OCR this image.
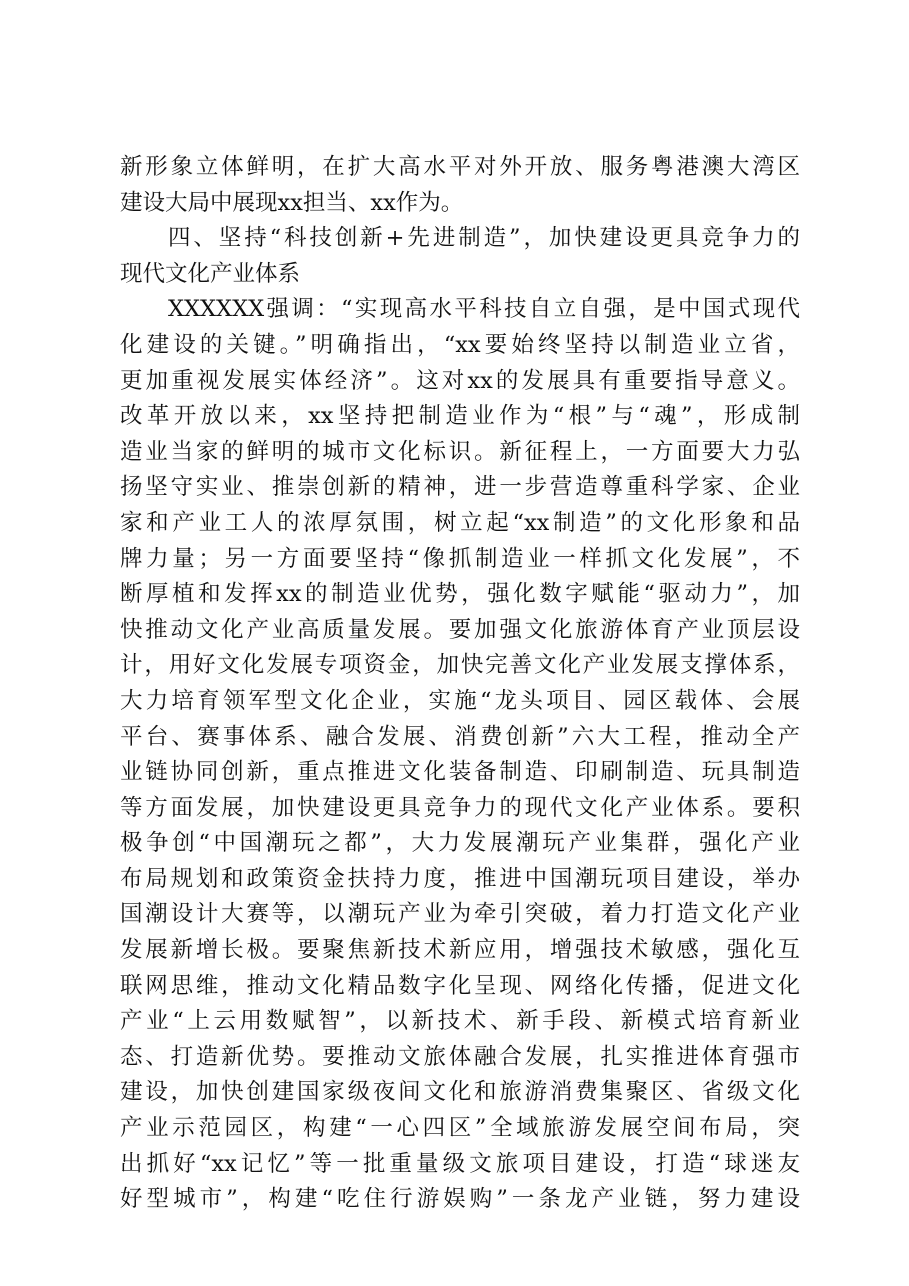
新形象立体鲜明，在扩大高水平对外开放、服务粤港澳大湾区
建设大局中展现xx担当、xx作为。
四、坚持“科技创新+先进制造”，加快建设更具竞争力的
现代文化产业体系
XXXXXX强调：“实现高水平科技自立自强，是中国式现代
化建设的关键。”明确指出，“xx要始终坚持以制造业立省，
更加重视发展实体经济”。这对xx的发展具有重要指导意义。
改革开放以来，xx坚持把制造业作为“根”与“魂”，形成制
造业当家的鲜明的城市文化标识。新征程上，一方面要大力弘
扬坚守实业、推崇创新的精神，进一步营造尊重科学家、企业
家和产业工人的浓厚氛围，树立起“xx制造”的文化形象和品
牌力量；另一方面要坚持“像抓制造业一样抓文化发展”，不
断厚植和发挥xx的制造业优势，强化数字赋能“驱动力”，加
快推动文化产业高质量发展。要加强文化旅游体育产业顶层设
计，用好文化发展专项资金，加快完善文化产业发展支撑体系，
大力培育领军型文化企业，实施“龙头项目、园区载体、会展
平台、赛事体系、融合发展、消费创新”六大工程，推动全产
业链协同创新，重点推进文化装备制造、印刷制造、玩具制造
等方面发展，加快建设更具竞争力的现代文化产业体系。要积
极争创“中国潮玩之都”，大力发展潮玩产业集群，强化产业
布局规划和政策资金扶持力度，推进中国潮玩项目建设，举办
国潮设计大赛等，以潮玩产业为牵引突破，着力打造文化产业
发展新增长极。要聚焦新技术新应用，增强技术敏感，强化互
联网思维，推动文化精品数字化呈现、网络化传播，促进文化
产业“上云用数赋智”，以新技术、新手段、新模式培育新业
态、打造新优势。要推动文旅体融合发展，扎实推进体育强市
建设，加快创建国家级夜间文化和旅游消费集聚区、省级文化
产业示范园区，构建“一心四区”全域旅游发展空间布局，突
出抓好“xx记忆”等一批重量级文旅项目建设，打造“球迷友
好型城市”，构建“吃住行游娱购”一条龙产业链，努力建设
